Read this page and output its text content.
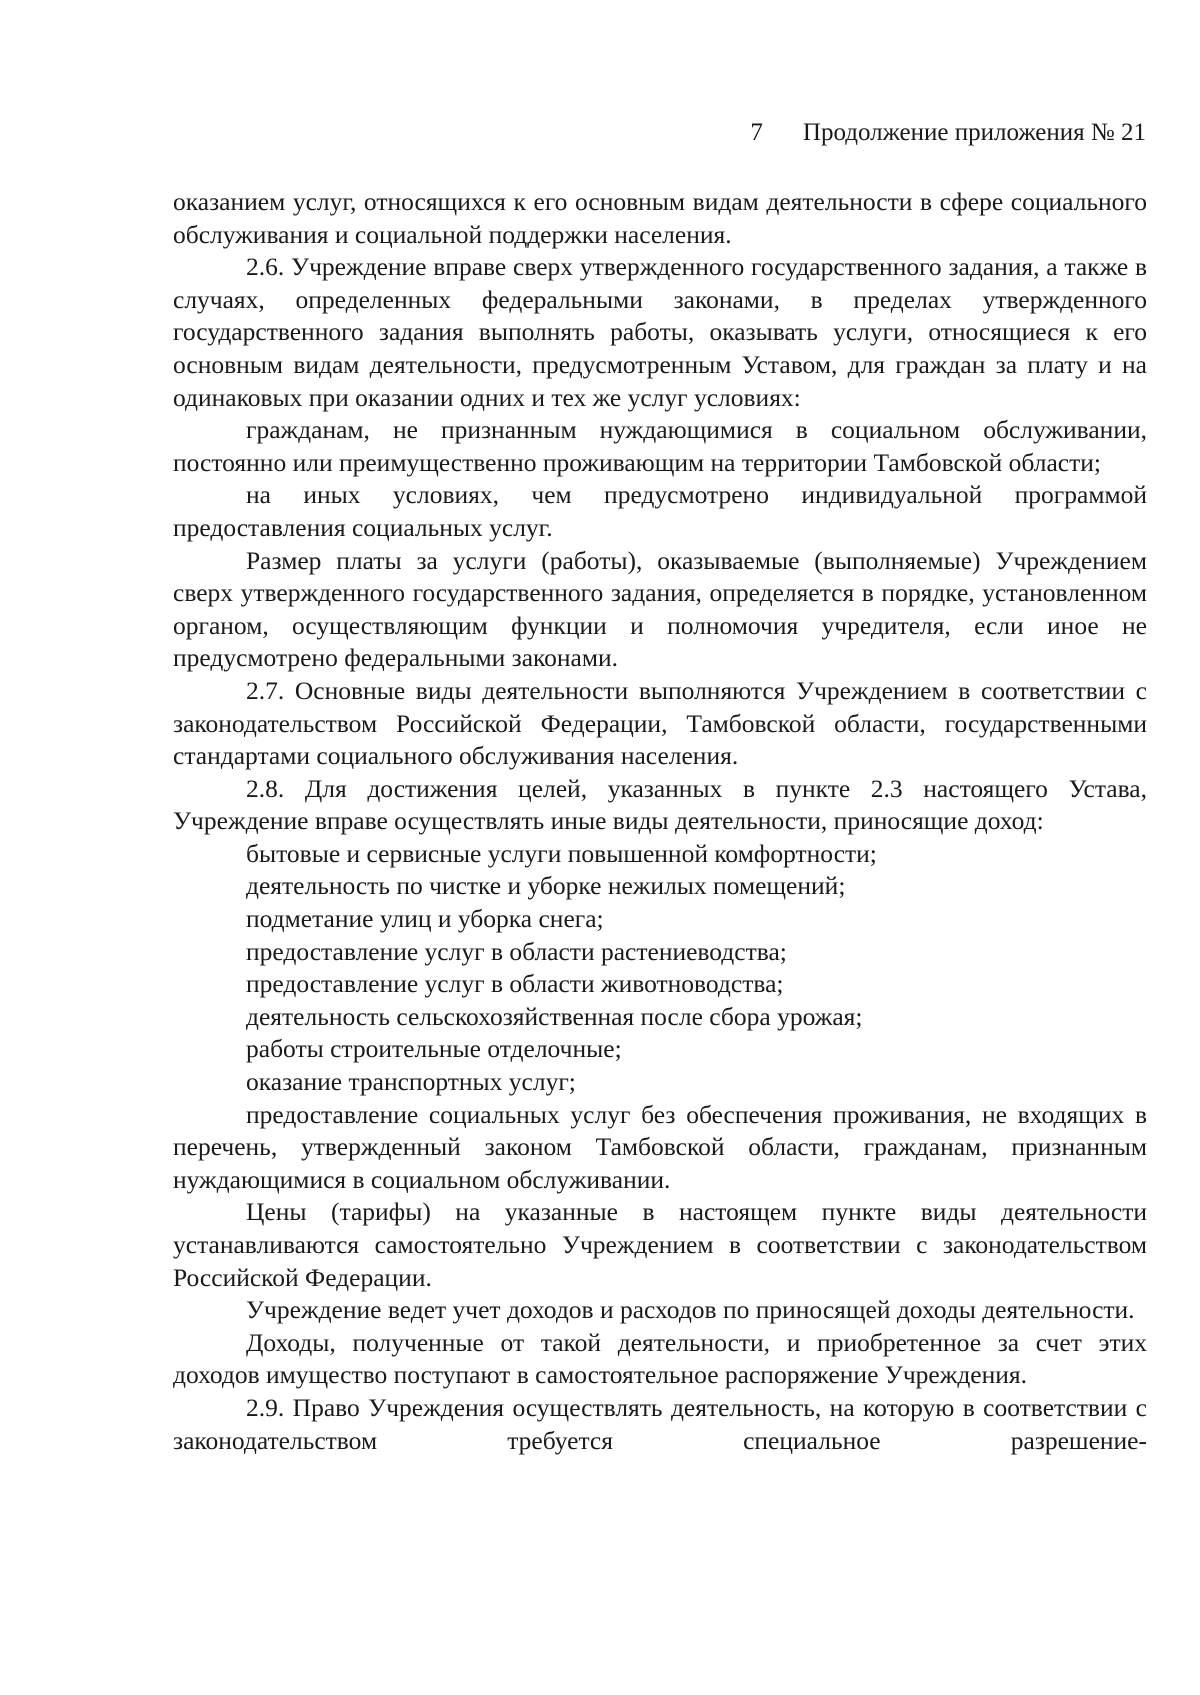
7 Продолжение приложения № 21

оказанием услуг, относящихся к его основным видам деятельности в сфере социального обслуживания и социальной поддержки населения.

2.6. Учреждение вправе сверх утвержденного государственного задания, а также в случаях, определенных федеральными законами, в пределах утвержденного государственного задания выполнять работы, оказывать услуги, относящиеся к его основным видам деятельности, предусмотренным Уставом, для граждан за плату и на одинаковых при оказании одних и тех же услуг условиях:

гражданам, не признанным нуждающимися в социальном обслуживании, постоянно или преимущественно проживающим на территории Тамбовской области;

на иных условиях, чем предусмотрено индивидуальной программой предоставления социальных услуг.

Размер платы за услуги (работы), оказываемые (выполняемые) Учреждением сверх утвержденного государственного задания, определяется в порядке, установленном органом, осуществляющим функции и полномочия учредителя, если иное не предусмотрено федеральными законами.

2.7. Основные виды деятельности выполняются Учреждением в соответствии с законодательством Российской Федерации, Тамбовской области, государственными стандартами социального обслуживания населения.

2.8. Для достижения целей, указанных в пункте 2.3 настоящего Устава, Учреждение вправе осуществлять иные виды деятельности, приносящие доход:

бытовые и сервисные услуги повышенной комфортности;

деятельность по чистке и уборке нежилых помещений;

подметание улиц и уборка снега;

предоставление услуг в области растениеводства;

предоставление услуг в области животноводства;

деятельность сельскохозяйственная после сбора урожая;

работы строительные отделочные;

оказание транспортных услуг;

предоставление социальных услуг без обеспечения проживания, не входящих в перечень, утвержденный законом Тамбовской области, гражданам, признанным нуждающимися в социальном обслуживании.

Цены (тарифы) на указанные в настоящем пункте виды деятельности устанавливаются самостоятельно Учреждением в соответствии с законодательством Российской Федерации.

Учреждение ведет учет доходов и расходов по приносящей доходы деятельности.

Доходы, полученные от такой деятельности, и приобретенное за счет этих доходов имущество поступают в самостоятельное распоряжение Учреждения.

2.9. Право Учреждения осуществлять деятельность, на которую в соответствии с законодательством требуется специальное разрешение-
